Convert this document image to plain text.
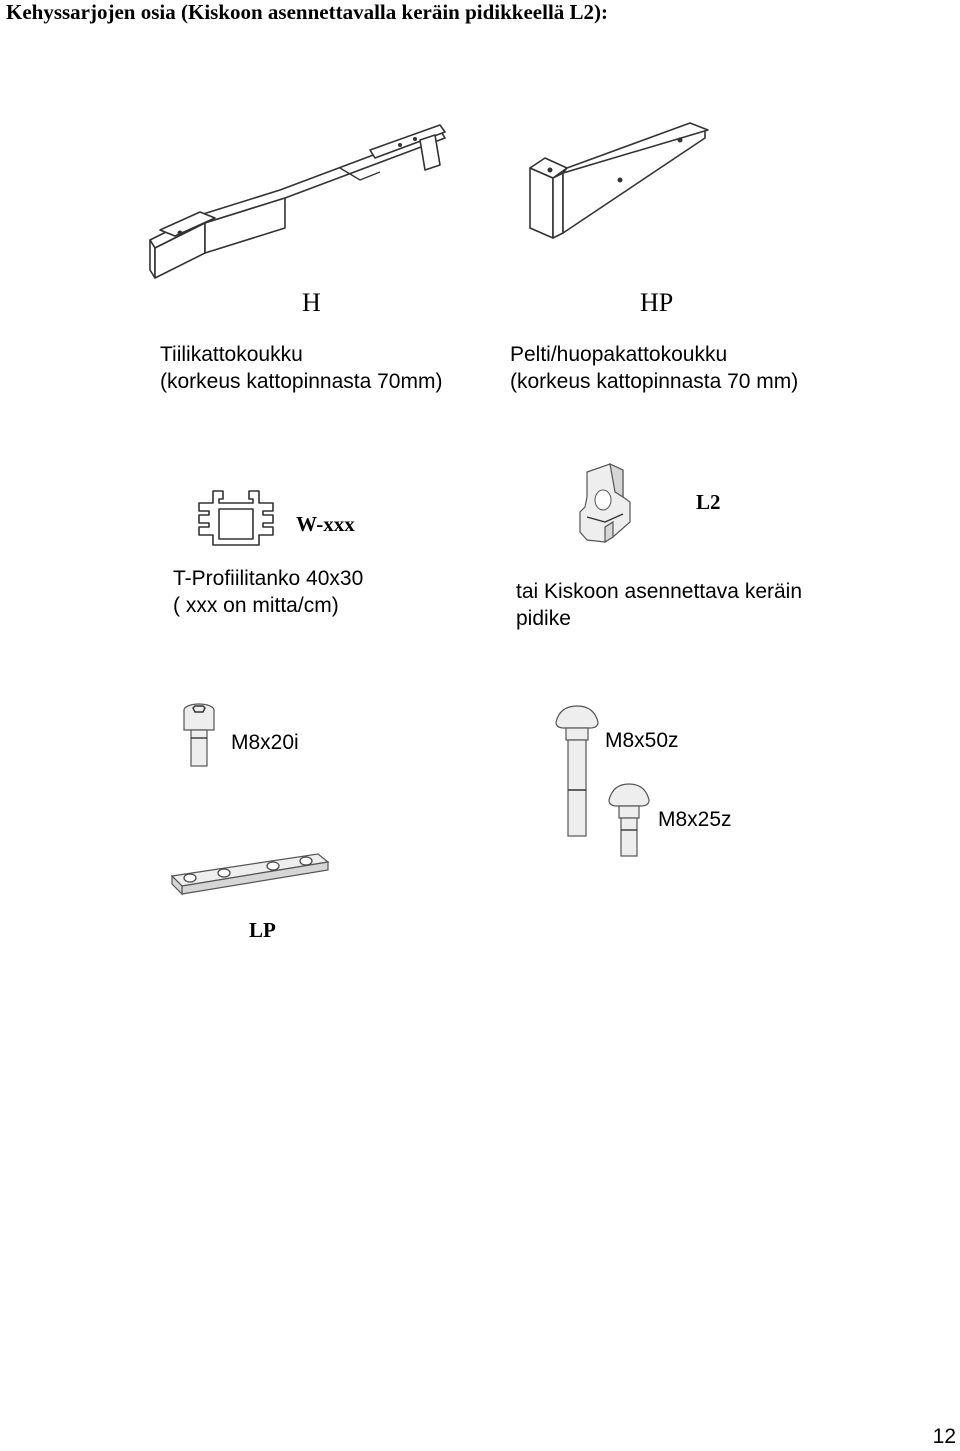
Kehyssarjojen osia (Kiskoon asennettavalla keräin pidikkeellä L2):
H
Tiilikattokoukku
(korkeus kattopinnasta 70mm)
HP
Pelti/huopakattokoukku
(korkeus kattopinnasta 70 mm)
W-xxx
T-Profiilitanko 40x30
( xxx on mitta/cm)
L2
tai Kiskoon asennettava keräin
pidike
M8x20i	M8x50z
M8x25z
LP
12
